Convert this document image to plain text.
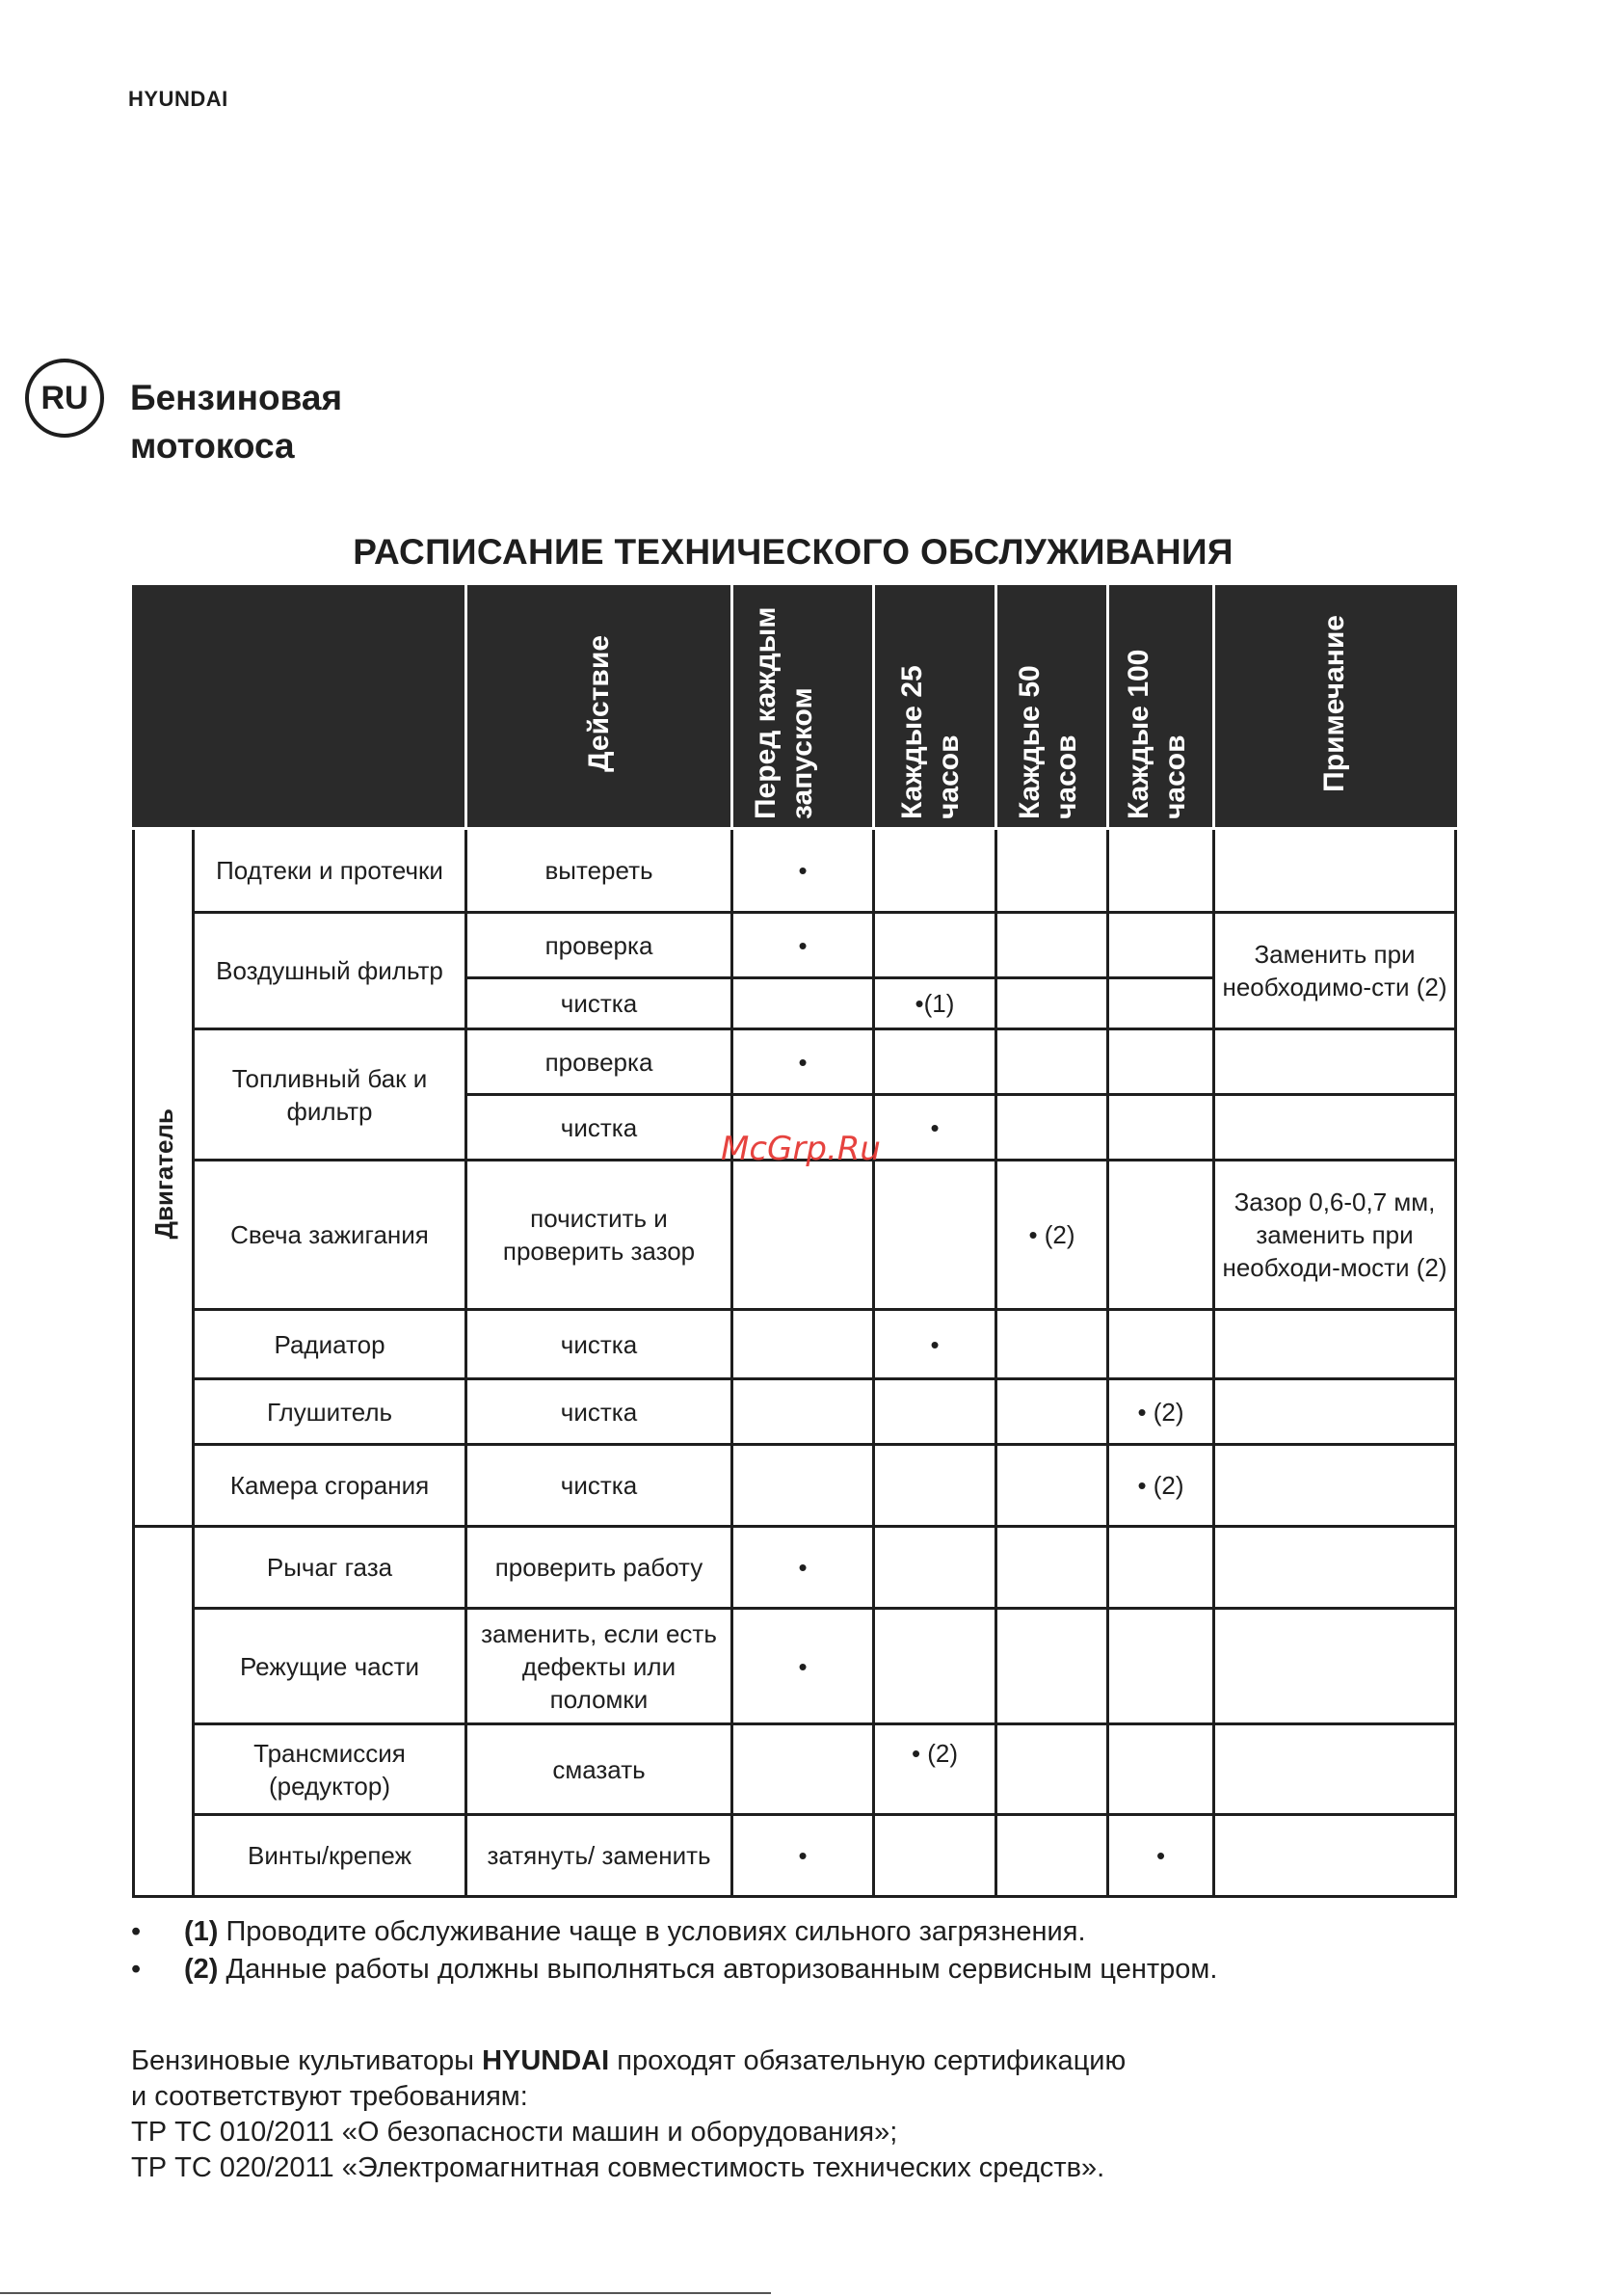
HYUNDAI
RU	Бензиновая
мотокоса
РАСПИСАНИЕ ТЕХНИЧЕСКОГО ОБСЛУЖИВАНИЯ
		Действие	Перед каждым запуском	Каждые 25 часов	Каждые 50 часов	Каждые 100 часов	Примечание
Двигатель	Подтеки и протечки	вытереть	•				
	Воздушный фильтр	проверка	•				Заменить при необходимо-сти (2)
		чистка		•(1)			
	Топливный бак и фильтр	проверка	•				
		чистка		•			
	Свеча зажигания	почистить и проверить зазор			• (2)		Зазор 0,6-0,7 мм, заменить при необходи-мости (2)
	Радиатор	чистка		•			
	Глушитель	чистка				• (2)	
	Камера сгорания	чистка				• (2)	
	Рычаг газа	проверить работу	•				
	Режущие части	заменить, если есть дефекты или поломки	•				
	Трансмиссия (редуктор)	смазать		• (2)			
	Винты/крепеж	затянуть/ заменить	•			•	
McGrp.Ru
•	(1) Проводите обслуживание чаще в условиях сильного загрязнения.
•	(2) Данные работы должны выполняться авторизованным сервисным центром.

Бензиновые культиваторы HYUNDAI проходят обязательную сертификацию

и соответствуют требованиям:

ТР ТС 010/2011 «О безопасности машин и оборудования»;

ТР ТС 020/2011 «Электромагнитная совместимость технических средств».
